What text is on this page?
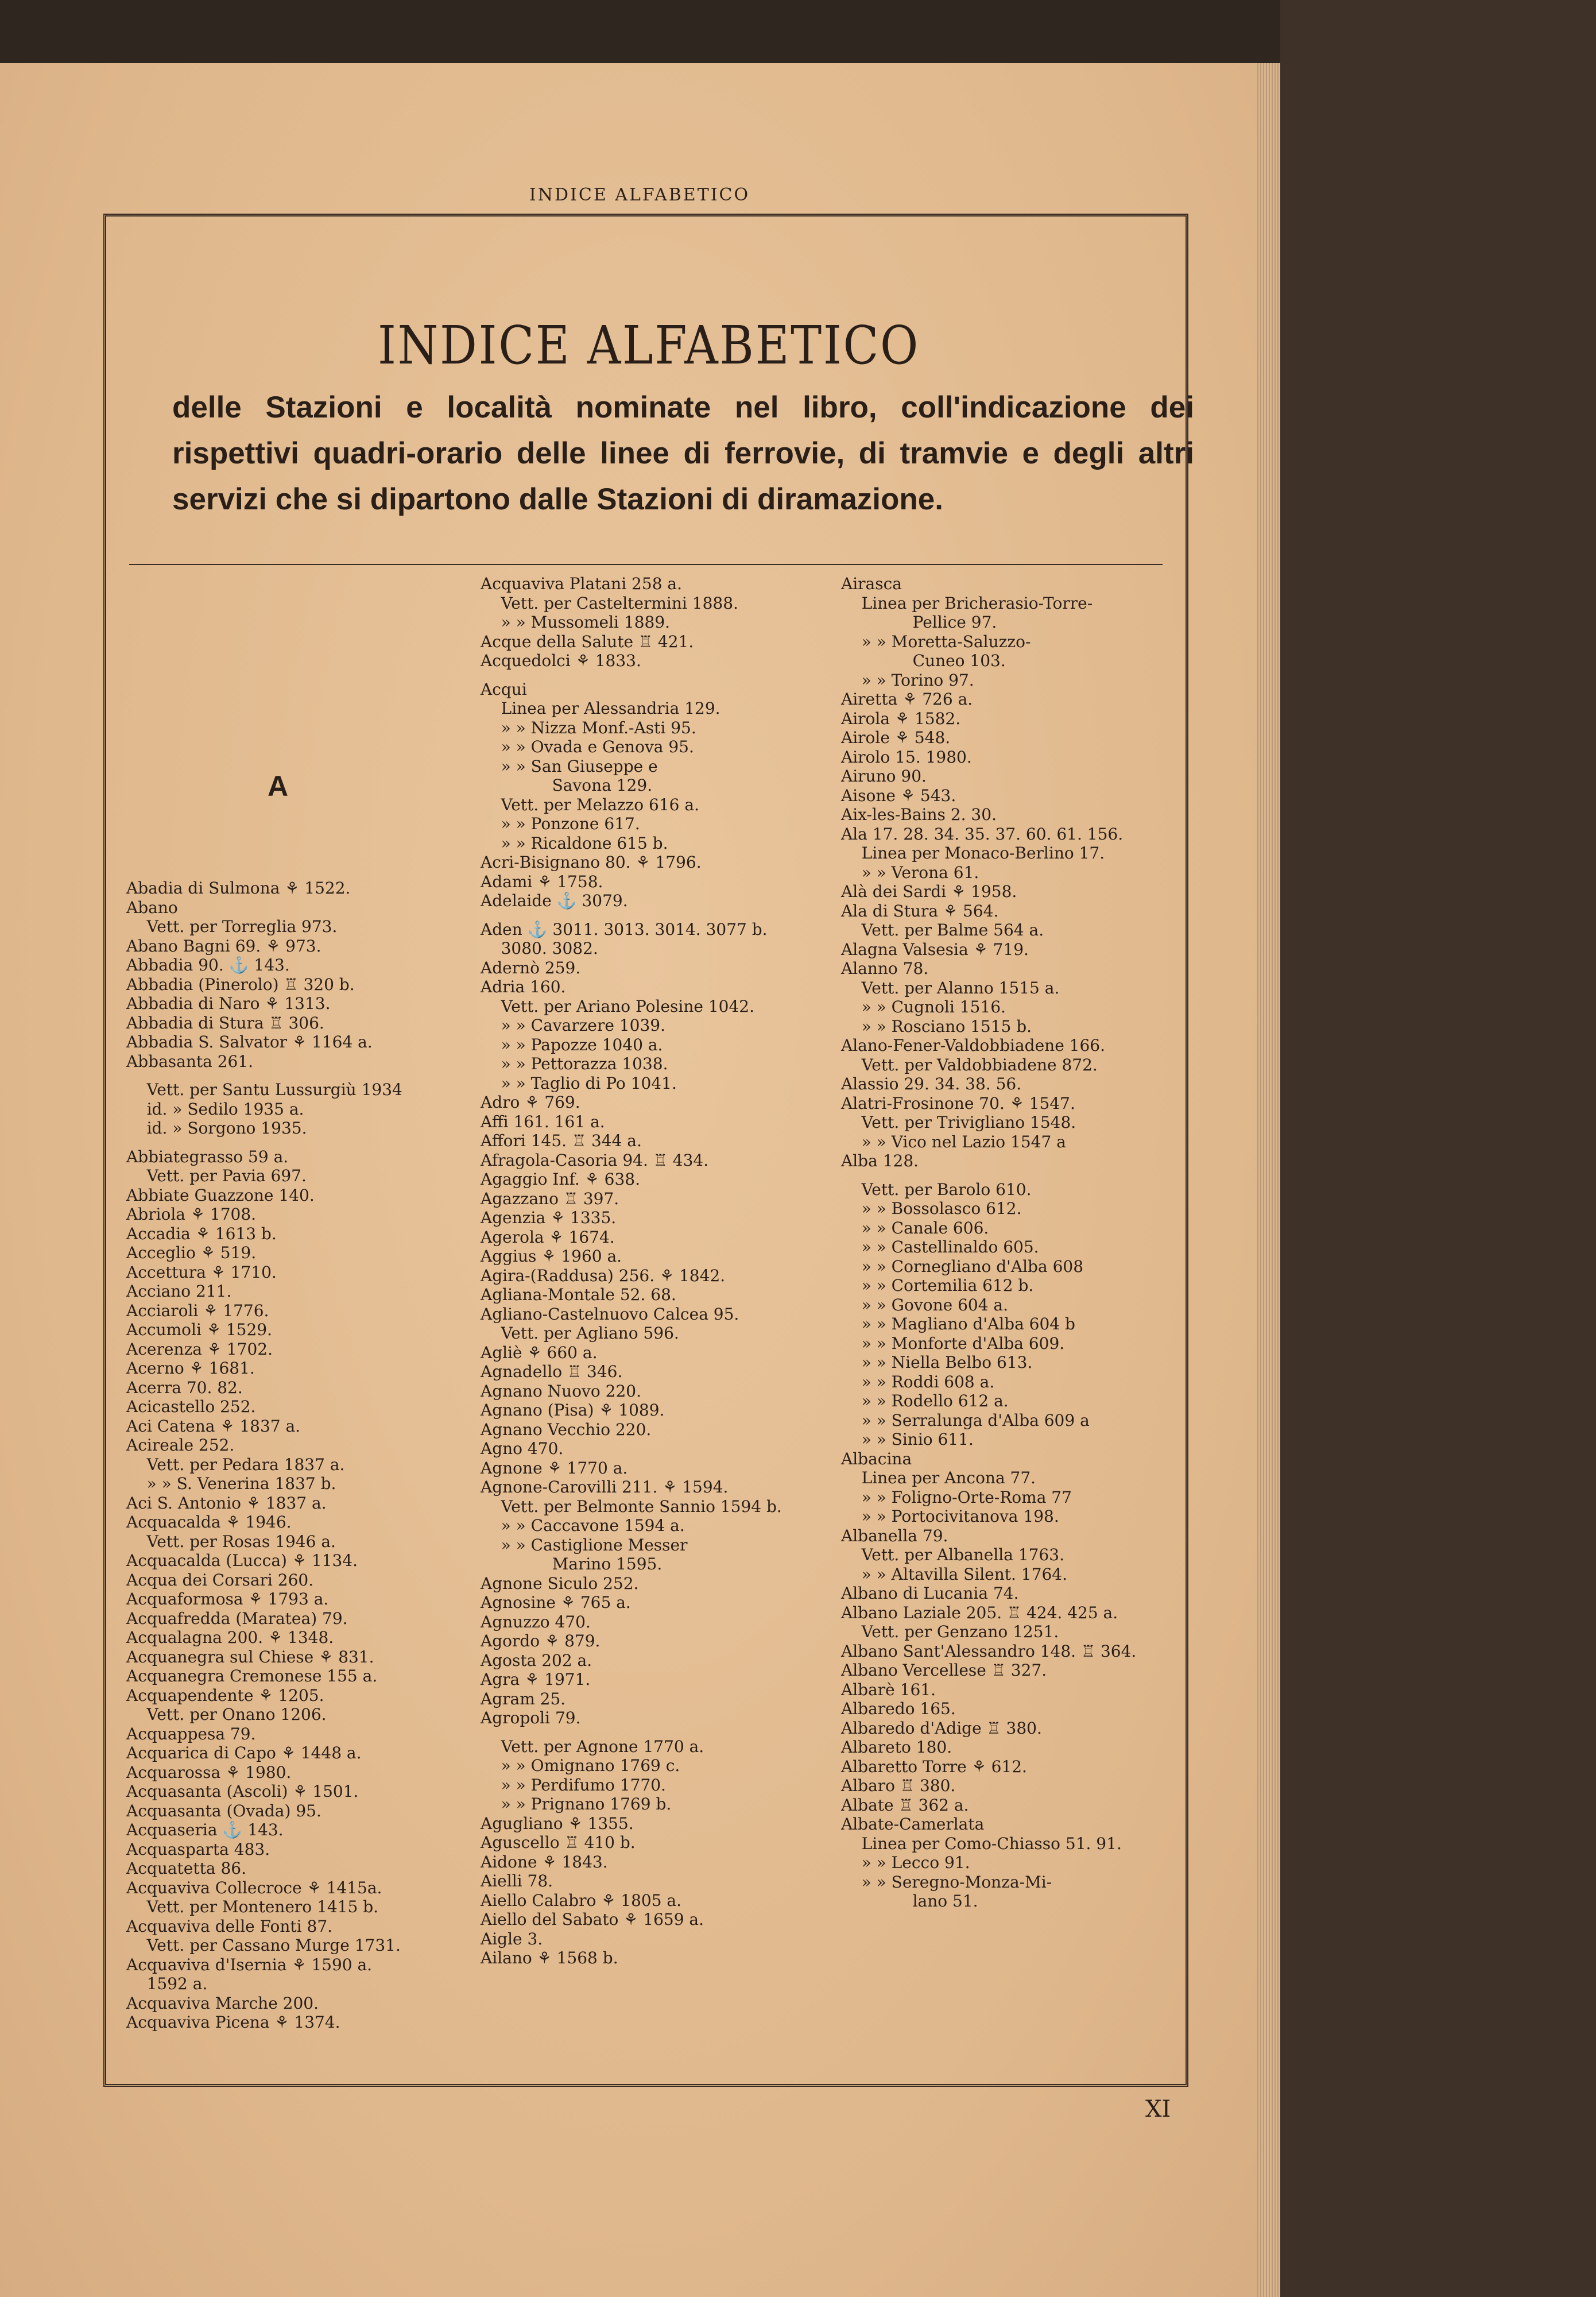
INDICE ALFABETICO
INDICE ALFABETICO
delle Stazioni e località nominate nel libro, coll'indicazione dei rispettivi quadri-orario delle linee di ferrovie, di tramvie e degli altri servizi che si dipartono dalle Stazioni di diramazione.
A
Abadia di Sulmona ⚘ 1522.
Abano
Vett. per Torreglia 973.
Abano Bagni 69. ⚘ 973.
Abbadia 90. ⚓ 143.
Abbadia (Pinerolo) ♖ 320 b.
Abbadia di Naro ⚘ 1313.
Abbadia di Stura ♖ 306.
Abbadia S. Salvator ⚘ 1164 a.
Abbasanta 261.
Vett. per Santu Lussurgiù 1934
id. » Sedilo 1935 a.
id. » Sorgono 1935.
Abbiategrasso 59 a.
Vett. per Pavia 697.
Abbiate Guazzone 140.
Abriola ⚘ 1708.
Accadia ⚘ 1613 b.
Acceglio ⚘ 519.
Accettura ⚘ 1710.
Acciano 211.
Acciaroli ⚘ 1776.
Accumoli ⚘ 1529.
Acerenza ⚘ 1702.
Acerno ⚘ 1681.
Acerra 70. 82.
Acicastello 252.
Aci Catena ⚘ 1837 a.
Acireale 252.
Vett. per Pedara 1837 a.
» » S. Venerina 1837 b.
Aci S. Antonio ⚘ 1837 a.
Acquacalda ⚘ 1946.
Vett. per Rosas 1946 a.
Acquacalda (Lucca) ⚘ 1134.
Acqua dei Corsari 260.
Acquaformosa ⚘ 1793 a.
Acquafredda (Maratea) 79.
Acqualagna 200. ⚘ 1348.
Acquanegra sul Chiese ⚘ 831.
Acquanegra Cremonese 155 a.
Acquapendente ⚘ 1205.
Vett. per Onano 1206.
Acquappesa 79.
Acquarica di Capo ⚘ 1448 a.
Acquarossa ⚘ 1980.
Acquasanta (Ascoli) ⚘ 1501.
Acquasanta (Ovada) 95.
Acquaseria ⚓ 143.
Acquasparta 483.
Acquatetta 86.
Acquaviva Collecroce ⚘ 1415a.
Vett. per Montenero 1415 b.
Acquaviva delle Fonti 87.
Vett. per Cassano Murge 1731.
Acquaviva d'Isernia ⚘ 1590 a.
1592 a.
Acquaviva Marche 200.
Acquaviva Picena ⚘ 1374.
Acquaviva Platani 258 a.
Vett. per Casteltermini 1888.
» » Mussomeli 1889.
Acque della Salute ♖ 421.
Acquedolci ⚘ 1833.
Acqui
Linea per Alessandria 129.
» » Nizza Monf.-Asti 95.
» » Ovada e Genova 95.
» » San Giuseppe e
Savona 129.
Vett. per Melazzo 616 a.
» » Ponzone 617.
» » Ricaldone 615 b.
Acri-Bisignano 80. ⚘ 1796.
Adami ⚘ 1758.
Adelaide ⚓ 3079.
Aden ⚓ 3011. 3013. 3014. 3077 b.
3080. 3082.
Adernò 259.
Adria 160.
Vett. per Ariano Polesine 1042.
» » Cavarzere 1039.
» » Papozze 1040 a.
» » Pettorazza 1038.
» » Taglio di Po 1041.
Adro ⚘ 769.
Affi 161. 161 a.
Affori 145. ♖ 344 a.
Afragola-Casoria 94. ♖ 434.
Agaggio Inf. ⚘ 638.
Agazzano ♖ 397.
Agenzia ⚘ 1335.
Agerola ⚘ 1674.
Aggius ⚘ 1960 a.
Agira-(Raddusa) 256. ⚘ 1842.
Agliana-Montale 52. 68.
Agliano-Castelnuovo Calcea 95.
Vett. per Agliano 596.
Agliè ⚘ 660 a.
Agnadello ♖ 346.
Agnano Nuovo 220.
Agnano (Pisa) ⚘ 1089.
Agnano Vecchio 220.
Agno 470.
Agnone ⚘ 1770 a.
Agnone-Carovilli 211. ⚘ 1594.
Vett. per Belmonte Sannio 1594 b.
» » Caccavone 1594 a.
» » Castiglione Messer
Marino 1595.
Agnone Siculo 252.
Agnosine ⚘ 765 a.
Agnuzzo 470.
Agordo ⚘ 879.
Agosta 202 a.
Agra ⚘ 1971.
Agram 25.
Agropoli 79.
Vett. per Agnone 1770 a.
» » Omignano 1769 c.
» » Perdifumo 1770.
» » Prignano 1769 b.
Agugliano ⚘ 1355.
Aguscello ♖ 410 b.
Aidone ⚘ 1843.
Aielli 78.
Aiello Calabro ⚘ 1805 a.
Aiello del Sabato ⚘ 1659 a.
Aigle 3.
Ailano ⚘ 1568 b.
Airasca
Linea per Bricherasio-Torre-
Pellice 97.
» » Moretta-Saluzzo-
Cuneo 103.
» » Torino 97.
Airetta ⚘ 726 a.
Airola ⚘ 1582.
Airole ⚘ 548.
Airolo 15. 1980.
Airuno 90.
Aisone ⚘ 543.
Aix-les-Bains 2. 30.
Ala 17. 28. 34. 35. 37. 60. 61. 156.
Linea per Monaco-Berlino 17.
» » Verona 61.
Alà dei Sardi ⚘ 1958.
Ala di Stura ⚘ 564.
Vett. per Balme 564 a.
Alagna Valsesia ⚘ 719.
Alanno 78.
Vett. per Alanno 1515 a.
» » Cugnoli 1516.
» » Rosciano 1515 b.
Alano-Fener-Valdobbiadene 166.
Vett. per Valdobbiadene 872.
Alassio 29. 34. 38. 56.
Alatri-Frosinone 70. ⚘ 1547.
Vett. per Trivigliano 1548.
» » Vico nel Lazio 1547 a
Alba 128.
Vett. per Barolo 610.
» » Bossolasco 612.
» » Canale 606.
» » Castellinaldo 605.
» » Cornegliano d'Alba 608
» » Cortemilia 612 b.
» » Govone 604 a.
» » Magliano d'Alba 604 b
» » Monforte d'Alba 609.
» » Niella Belbo 613.
» » Roddi 608 a.
» » Rodello 612 a.
» » Serralunga d'Alba 609 a
» » Sinio 611.
Albacina
Linea per Ancona 77.
» » Foligno-Orte-Roma 77
» » Portocivitanova 198.
Albanella 79.
Vett. per Albanella 1763.
» » Altavilla Silent. 1764.
Albano di Lucania 74.
Albano Laziale 205. ♖ 424. 425 a.
Vett. per Genzano 1251.
Albano Sant'Alessandro 148. ♖ 364.
Albano Vercellese ♖ 327.
Albarè 161.
Albaredo 165.
Albaredo d'Adige ♖ 380.
Albareto 180.
Albaretto Torre ⚘ 612.
Albaro ♖ 380.
Albate ♖ 362 a.
Albate-Camerlata
Linea per Como-Chiasso 51. 91.
» » Lecco 91.
» » Seregno-Monza-Mi-
lano 51.
XI
